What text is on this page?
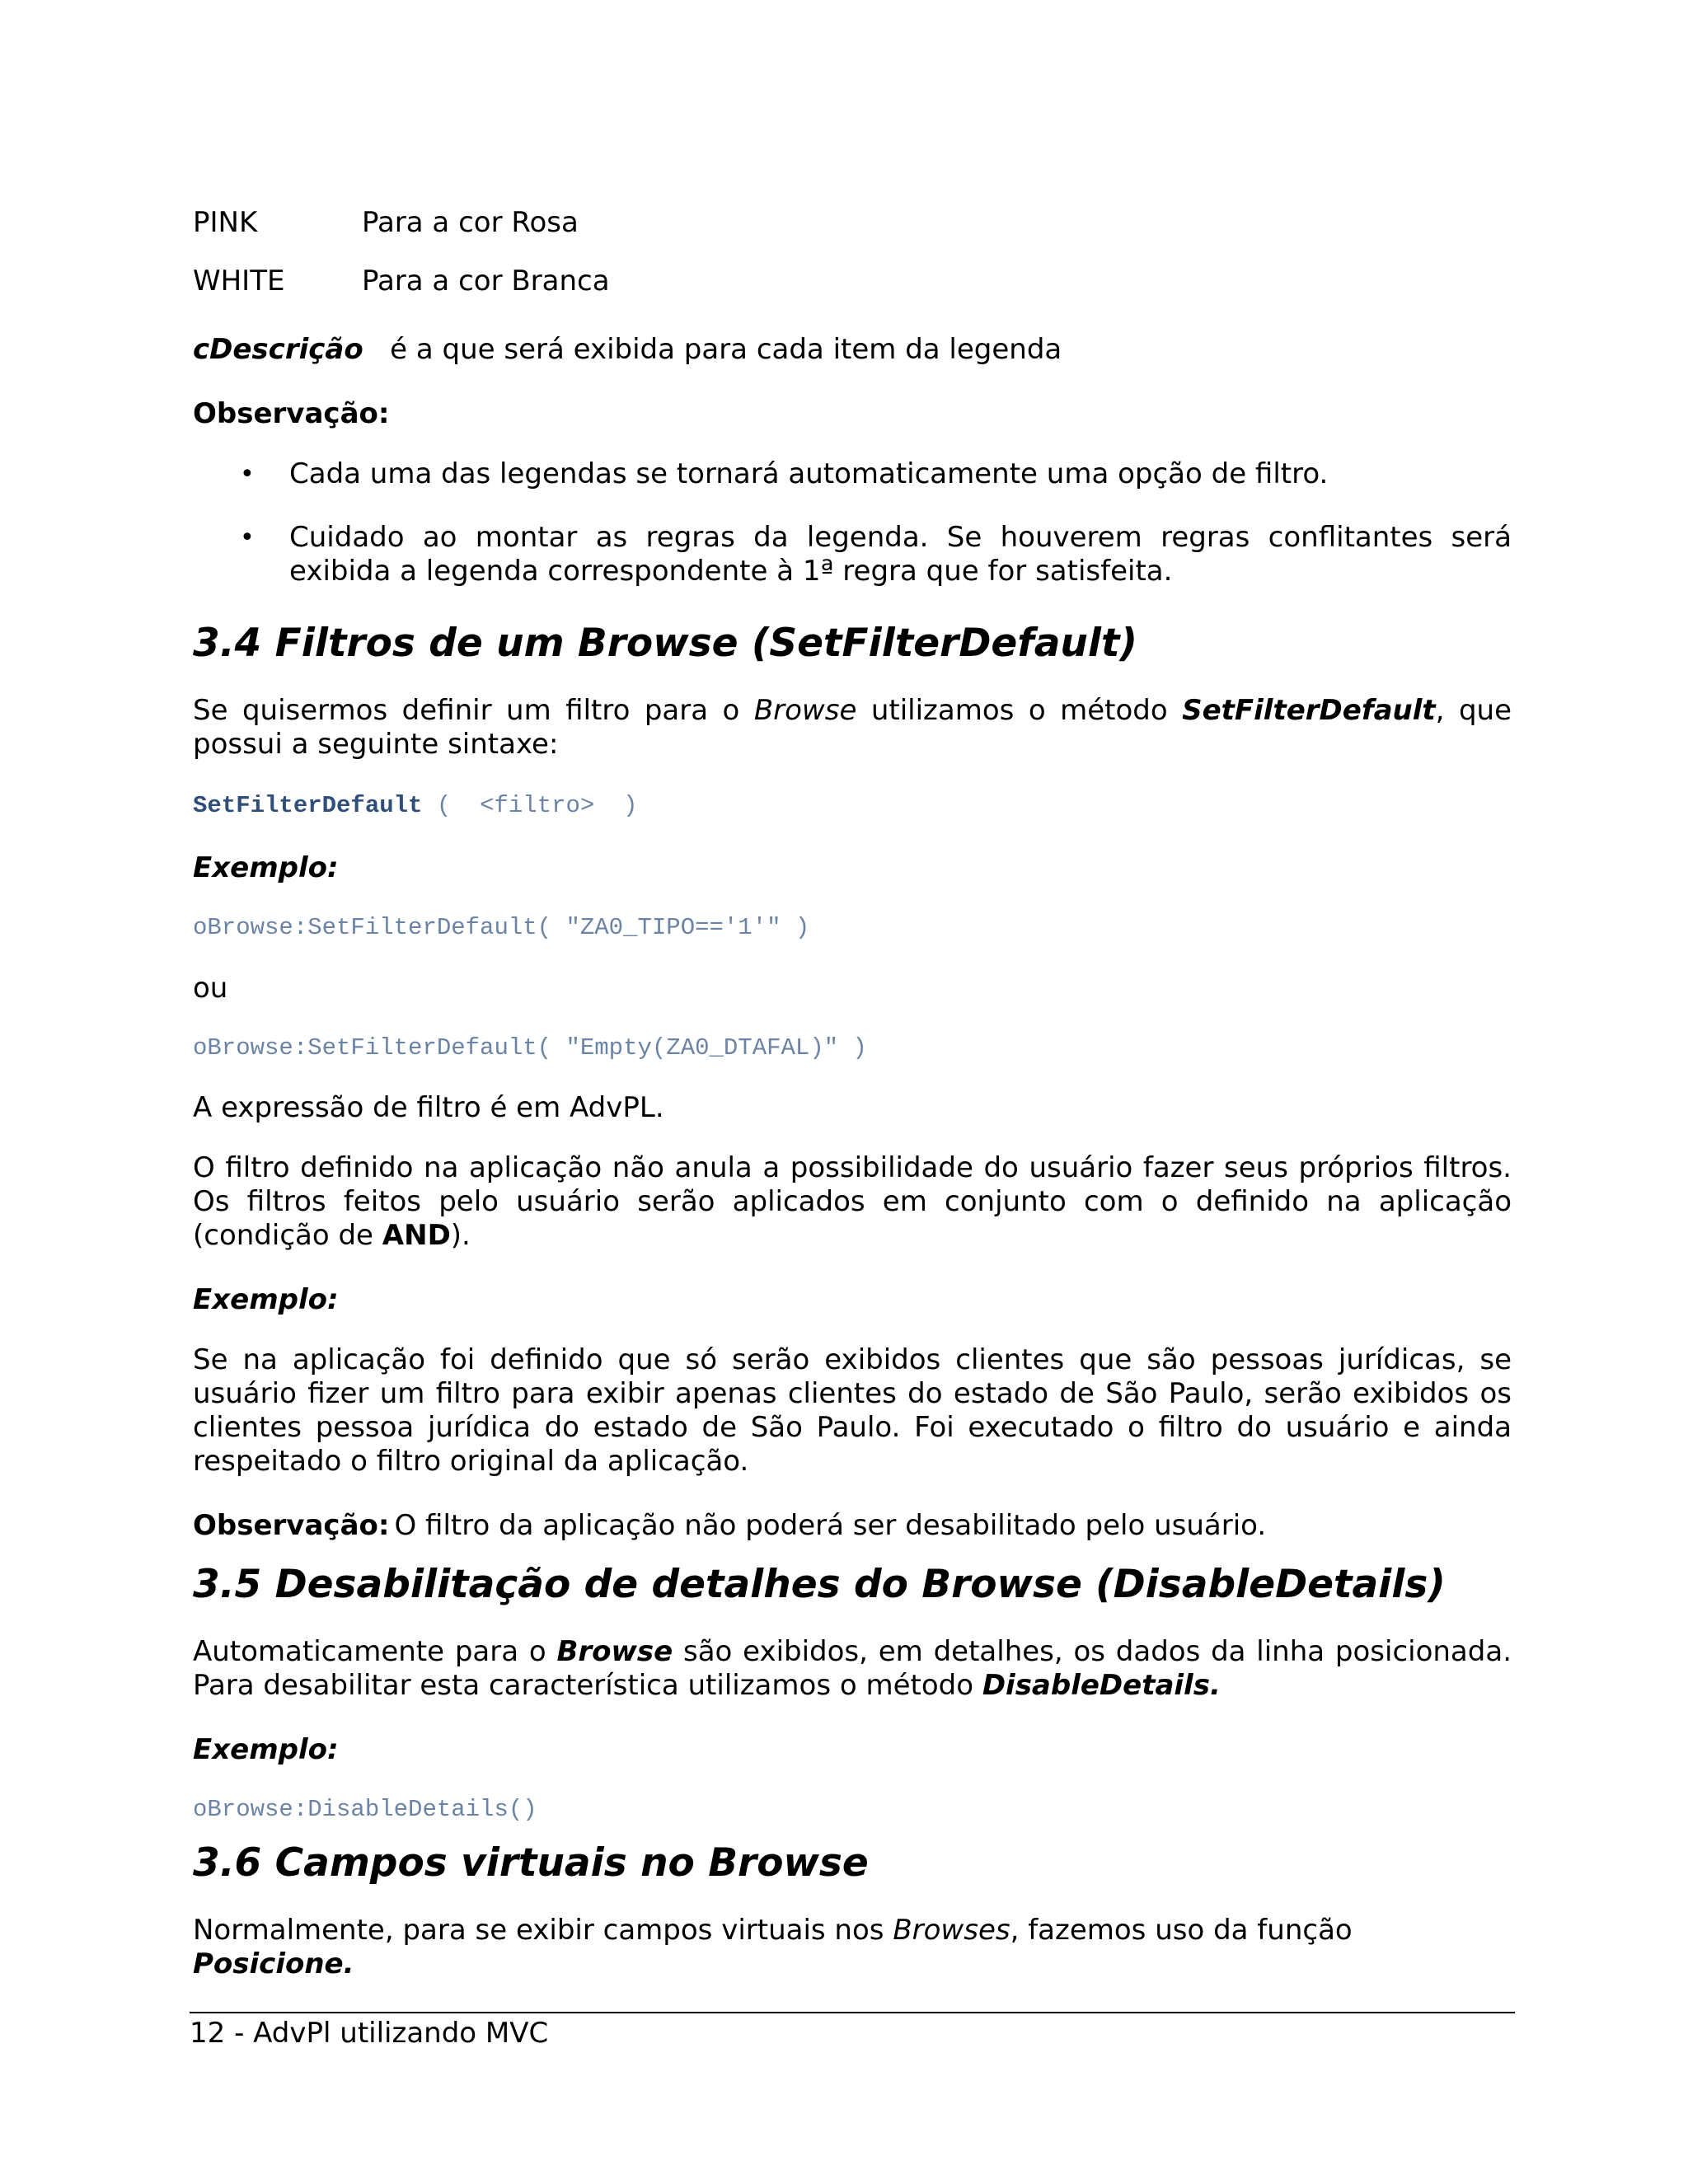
PINK	Para a cor Rosa
WHITE	Para a cor Branca

cDescrição é a que será exibida para cada item da legenda

Observação:

• Cada uma das legendas se tornará automaticamente uma opção de filtro.
• Cuidado ao montar as regras da legenda. Se houverem regras conflitantes será exibida a legenda correspondente à 1ª regra que for satisfeita.
3.4 Filtros de um Browse (SetFilterDefault)

Se quisermos definir um filtro para o Browse utilizamos o método SetFilterDefault, que possui a seguinte sintaxe:

SetFilterDefault ( <filtro> )

Exemplo:

oBrowse:SetFilterDefault( "ZA0_TIPO=='1'" )

ou

oBrowse:SetFilterDefault( "Empty(ZA0_DTAFAL)" )

A expressão de filtro é em AdvPL.

O filtro definido na aplicação não anula a possibilidade do usuário fazer seus próprios filtros. Os filtros feitos pelo usuário serão aplicados em conjunto com o definido na aplicação (condição de AND).

Exemplo:

Se na aplicação foi definido que só serão exibidos clientes que são pessoas jurídicas, se usuário fizer um filtro para exibir apenas clientes do estado de São Paulo, serão exibidos os clientes pessoa jurídica do estado de São Paulo. Foi executado o filtro do usuário e ainda respeitado o filtro original da aplicação.

Observação: O filtro da aplicação não poderá ser desabilitado pelo usuário.

3.5 Desabilitação de detalhes do Browse (DisableDetails)

Automaticamente para o Browse são exibidos, em detalhes, os dados da linha posicionada. Para desabilitar esta característica utilizamos o método DisableDetails.

Exemplo:

oBrowse:DisableDetails()

3.6 Campos virtuais no Browse

Normalmente, para se exibir campos virtuais nos Browses, fazemos uso da função Posicione.

12 - AdvPl utilizando MVC
